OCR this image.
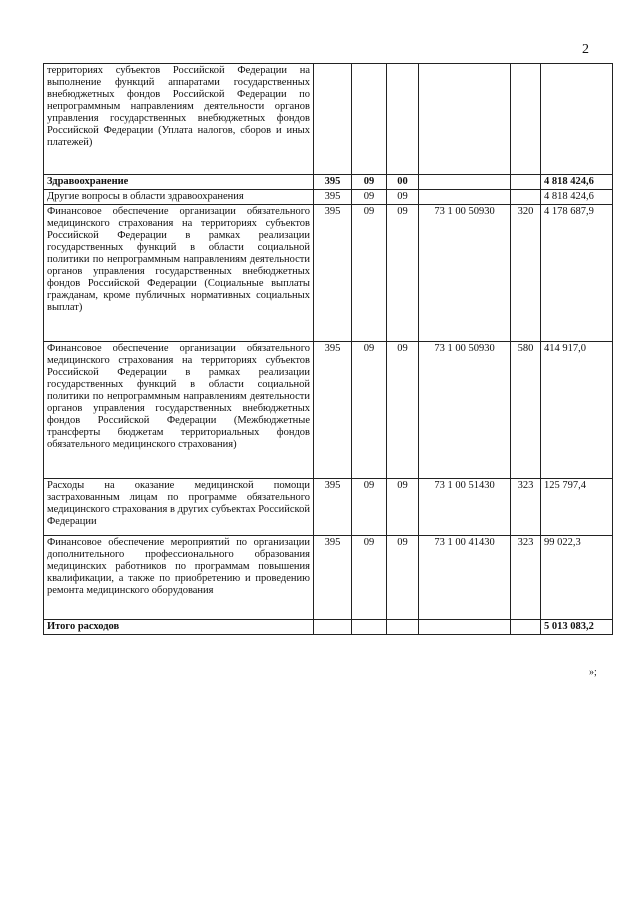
2
территориях субъектов Российской Федерации на выполнение функций аппаратами государственных внебюджетных фондов Российской Федерации по непрограммным направлениям деятельности органов управления государственных внебюджетных фондов Российской Федерации (Уплата налогов, сборов и иных платежей)						
Здравоохранение	395	09	00			4 818 424,6
Другие вопросы в области здравоохранения	395	09	09			4 818 424,6
Финансовое обеспечение организации обязательного медицинского страхования на территориях субъектов Российской Федерации в рамках реализации государственных функций в области социальной политики по непрограммным направлениям деятельности органов управления государственных внебюджетных фондов Российской Федерации (Социальные выплаты гражданам, кроме публичных нормативных социальных выплат)	395	09	09	73 1 00 50930	320	4 178 687,9
Финансовое обеспечение организации обязательного медицинского страхования на территориях субъектов Российской Федерации в рамках реализации государственных функций в области социальной политики по непрограммным направлениям деятельности органов управления государственных внебюджетных фондов Российской Федерации (Межбюджетные трансферты бюджетам территориальных фондов обязательного медицинского страхования)	395	09	09	73 1 00 50930	580	414 917,0
Расходы на оказание медицинской помощи застрахованным лицам по программе обязательного медицинского страхования в других субъектах Российской Федерации	395	09	09	73 1 00 51430	323	125 797,4
Финансовое обеспечение мероприятий по организации дополнительного профессионального образования медицинских работников по программам повышения квалификации, а также по приобретению и проведению ремонта медицинского оборудования	395	09	09	73 1 00 41430	323	99 022,3
Итого расходов						5 013 083,2
»;
